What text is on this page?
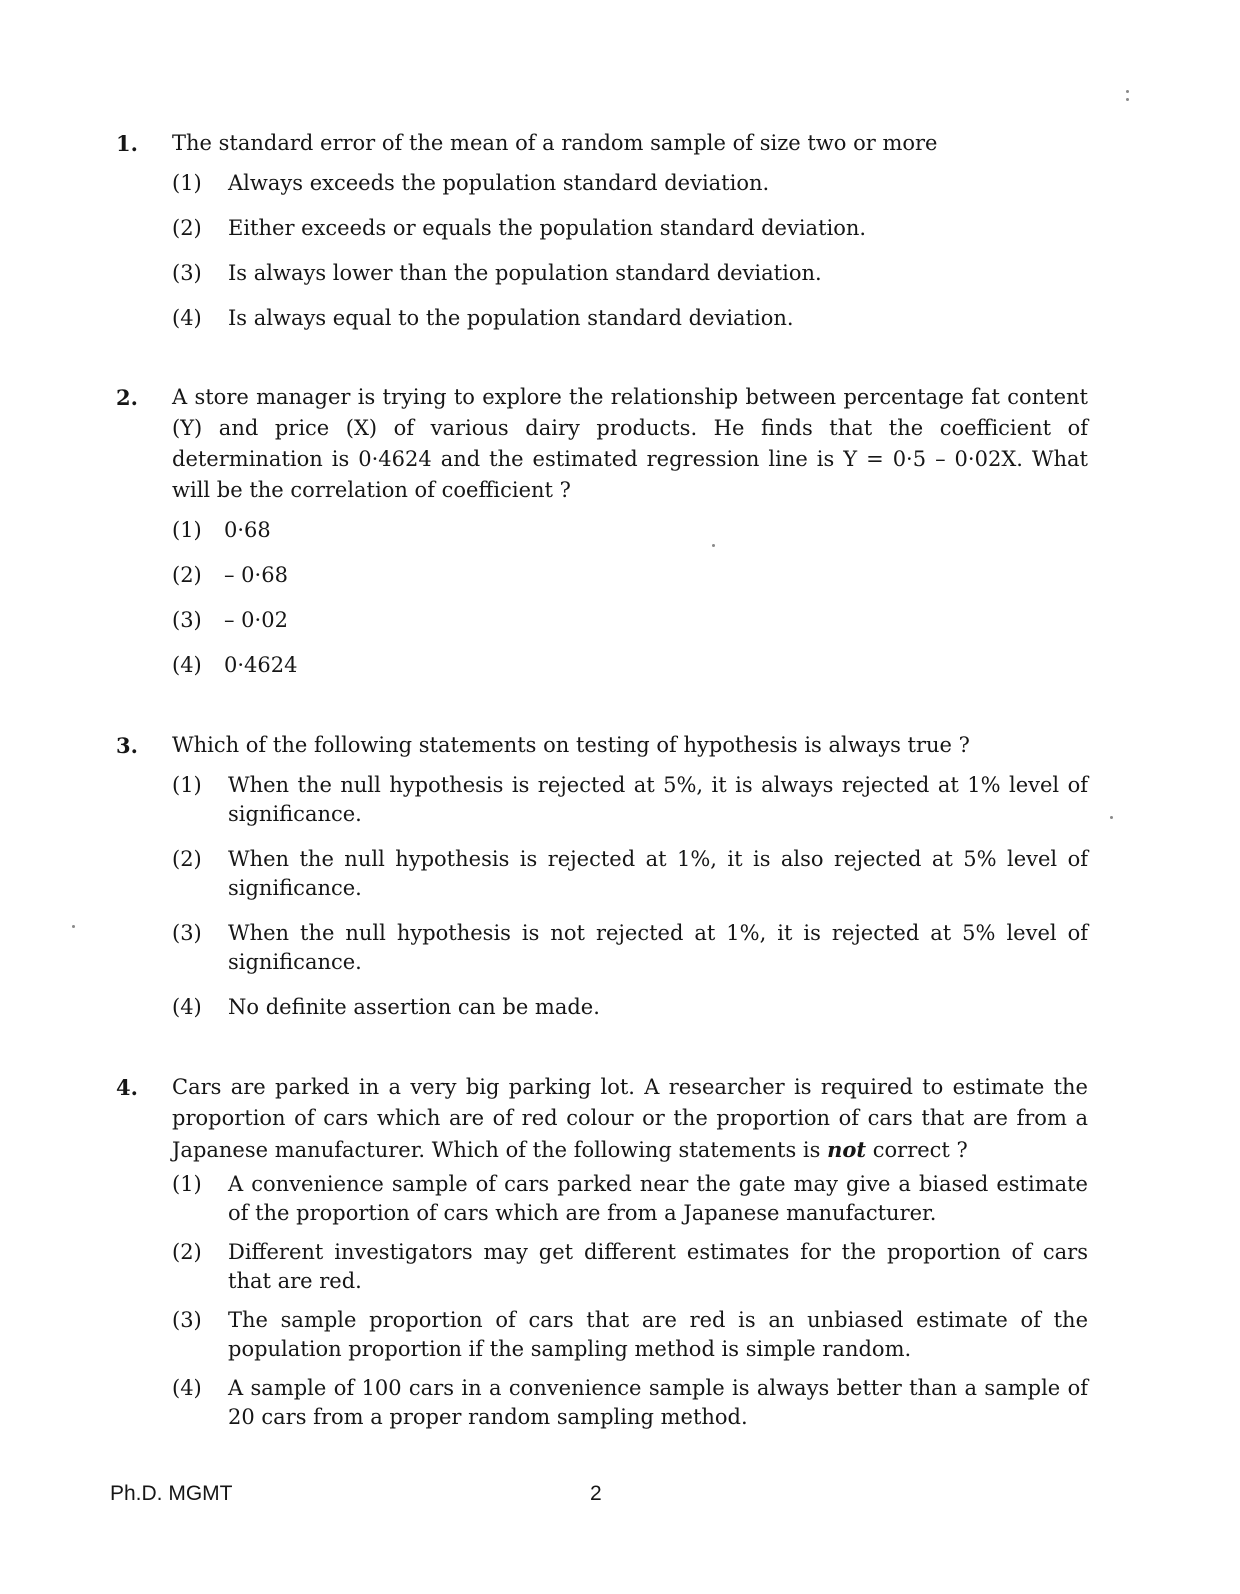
1. The standard error of the mean of a random sample of size two or more
(1) Always exceeds the population standard deviation.
(2) Either exceeds or equals the population standard deviation.
(3) Is always lower than the population standard deviation.
(4) Is always equal to the population standard deviation.
2. A store manager is trying to explore the relationship between percentage fat content (Y) and price (X) of various dairy products. He finds that the coefficient of determination is 0·4624 and the estimated regression line is Y = 0·5 – 0·02X. What will be the correlation of coefficient ?
(1) 0·68
(2) – 0·68
(3) – 0·02
(4) 0·4624
3. Which of the following statements on testing of hypothesis is always true ?
(1) When the null hypothesis is rejected at 5%, it is always rejected at 1% level of significance.
(2) When the null hypothesis is rejected at 1%, it is also rejected at 5% level of significance.
(3) When the null hypothesis is not rejected at 1%, it is rejected at 5% level of significance.
(4) No definite assertion can be made.
4. Cars are parked in a very big parking lot. A researcher is required to estimate the proportion of cars which are of red colour or the proportion of cars that are from a Japanese manufacturer. Which of the following statements is not correct ?
(1) A convenience sample of cars parked near the gate may give a biased estimate of the proportion of cars which are from a Japanese manufacturer.
(2) Different investigators may get different estimates for the proportion of cars that are red.
(3) The sample proportion of cars that are red is an unbiased estimate of the population proportion if the sampling method is simple random.
(4) A sample of 100 cars in a convenience sample is always better than a sample of 20 cars from a proper random sampling method.
Ph.D. MGMT	2
